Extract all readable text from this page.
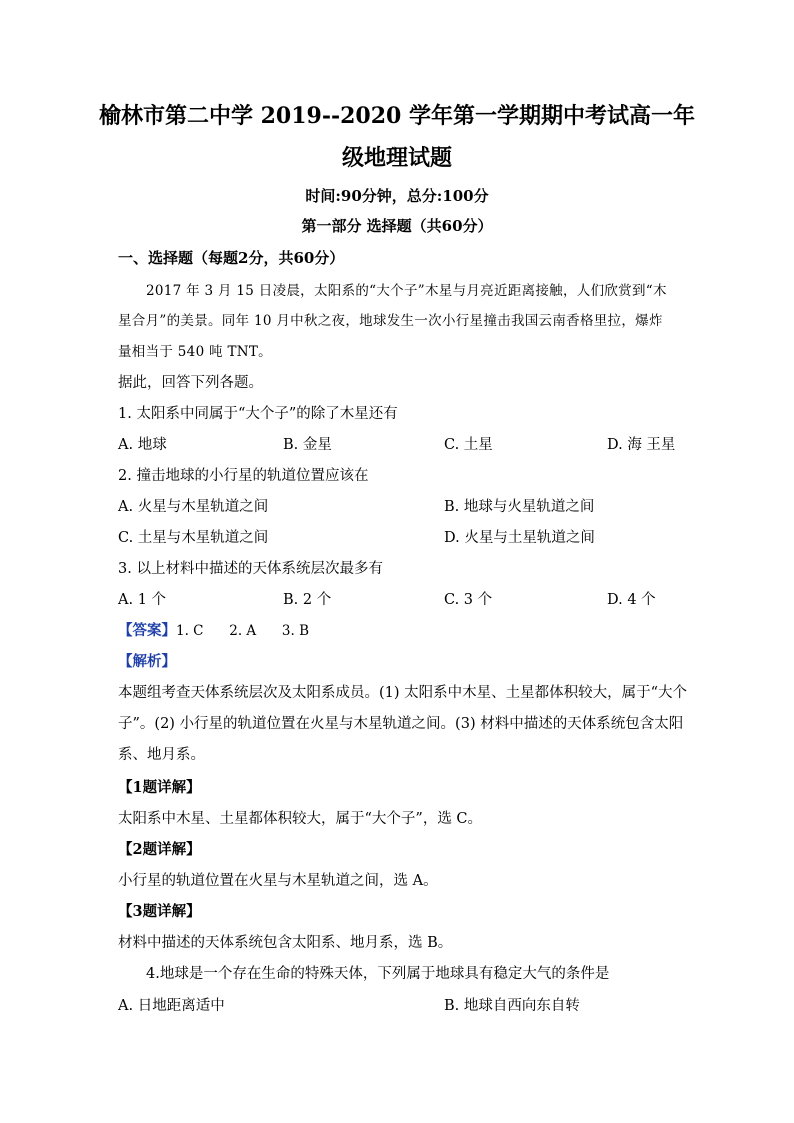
榆林市第二中学 2019--2020 学年第一学期期中考试高一年
级地理试题
时间:90分钟，总分:100分
第一部分 选择题（共60分）
一、选择题（每题2分，共60分）
2017 年 3 月 15 日凌晨，太阳系的“大个子”木星与月亮近距离接触，人们欣赏到“木
星合月”的美景。同年 10 月中秋之夜，地球发生一次小行星撞击我国云南香格里拉，爆炸
量相当于 540 吨 TNT。
据此，回答下列各题。
1. 太阳系中同属于“大个子”的除了木星还有
A. 地球	B. 金星	C. 土星	D. 海 王星
2. 撞击地球的小行星的轨道位置应该在
A. 火星与木星轨道之间	B. 地球与火星轨道之间
C. 土星与木星轨道之间	D. 火星与土星轨道之间
3. 以上材料中描述的天体系统层次最多有
A. 1 个	B. 2 个	C. 3 个	D. 4 个
【答案】1. C      2. A      3. B
【解析】
本题组考查天体系统层次及太阳系成员。(1) 太阳系中木星、土星都体积较大，属于“大个
子”。(2) 小行星的轨道位置在火星与木星轨道之间。(3) 材料中描述的天体系统包含太阳
系、地月系。
【1题详解】
太阳系中木星、土星都体积较大，属于“大个子”，选 C。
【2题详解】
小行星的轨道位置在火星与木星轨道之间，选 A。
【3题详解】
材料中描述的天体系统包含太阳系、地月系，选 B。
4.地球是一个存在生命的特殊天体，下列属于地球具有稳定大气的条件是
A. 日地距离适中	B. 地球自西向东自转
